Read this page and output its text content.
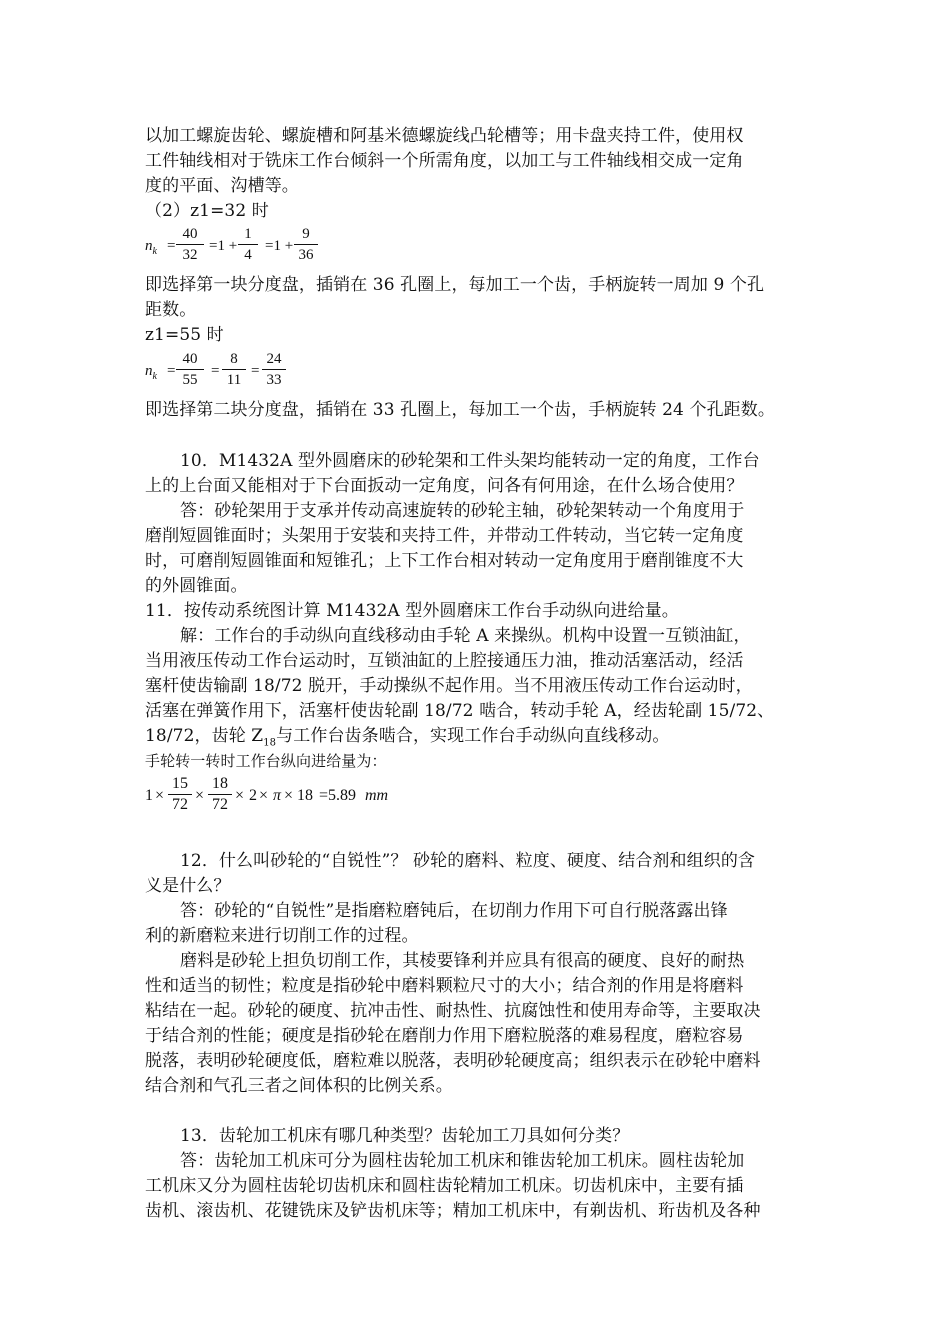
以加工螺旋齿轮、螺旋槽和阿基米德螺旋线凸轮槽等；用卡盘夹持工件，使用权
工件轴线相对于铣床工作台倾斜一个所需角度，以加工与工件轴线相交成一定角
度的平面、沟槽等。
（2）z1=32 时
$n_k$ =
40
32
=1 +
1
4
=1 +
9
36
即选择第一块分度盘，插销在 36 孔圈上，每加工一个齿，手柄旋转一周加 9 个孔
距数。
z1=55 时
$n_k$ =
40
55
=
8
11
=
24
33
即选择第二块分度盘，插销在 33 孔圈上，每加工一个齿，手柄旋转 24 个孔距数。
10．M1432A 型外圆磨床的砂轮架和工件头架均能转动一定的角度，工作台
上的上台面又能相对于下台面扳动一定角度，问各有何用途，在什么场合使用？
答：砂轮架用于支承并传动高速旋转的砂轮主轴，砂轮架转动一个角度用于
磨削短圆锥面时；头架用于安装和夹持工件，并带动工件转动，当它转一定角度
时，可磨削短圆锥面和短锥孔；上下工作台相对转动一定角度用于磨削锥度不大
的外圆锥面。
11．按传动系统图计算 M1432A 型外圆磨床工作台手动纵向进给量。
解：工作台的手动纵向直线移动由手轮 A 来操纵。机构中设置一互锁油缸，
当用液压传动工作台运动时，互锁油缸的上腔接通压力油，推动活塞活动，经活
塞杆使齿输副 18/72 脱开，手动操纵不起作用。当不用液压传动工作台运动时，
活塞在弹簧作用下，活塞杆使齿轮副 18/72 啮合，转动手轮 A，经齿轮副 15/72、
18/72，齿轮 $Z_{18}$与工作台齿条啮合，实现工作台手动纵向直线移动。
手轮转一转时工作台纵向进给量为：
1 ×
15
72
×
18
72
× 2 × π × 18 =5.89 mm
12．什么叫砂轮的“自锐性”？ 砂轮的磨料、粒度、硬度、结合剂和组织的含
义是什么？
答：砂轮的“自锐性”是指磨粒磨钝后，在切削力作用下可自行脱落露出锋
利的新磨粒来进行切削工作的过程。
磨料是砂轮上担负切削工作，其棱要锋利并应具有很高的硬度、良好的耐热
性和适当的韧性；粒度是指砂轮中磨料颗粒尺寸的大小；结合剂的作用是将磨料
粘结在一起。砂轮的硬度、抗冲击性、耐热性、抗腐蚀性和使用寿命等，主要取决
于结合剂的性能；硬度是指砂轮在磨削力作用下磨粒脱落的难易程度，磨粒容易
脱落，表明砂轮硬度低，磨粒难以脱落，表明砂轮硬度高；组织表示在砂轮中磨料
结合剂和气孔三者之间体积的比例关系。
13．齿轮加工机床有哪几种类型？齿轮加工刀具如何分类？
答：齿轮加工机床可分为圆柱齿轮加工机床和锥齿轮加工机床。圆柱齿轮加
工机床又分为圆柱齿轮切齿机床和圆柱齿轮精加工机床。切齿机床中，主要有插
齿机、滚齿机、花键铣床及铲齿机床等；精加工机床中，有剃齿机、珩齿机及各种
